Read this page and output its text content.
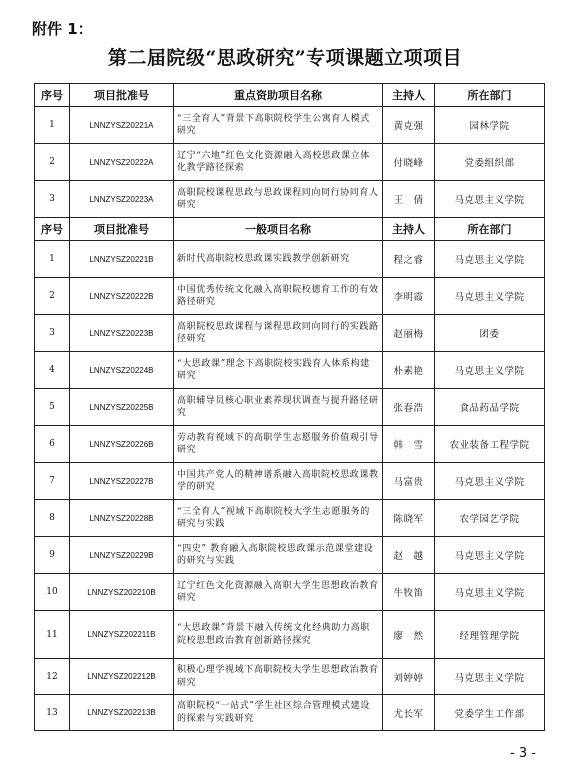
附件 1：
第二届院级“思政研究”专项课题立项项目
序号	项目批准号	重点资助项目名称	主持人	所在部门
1	LNNZYSZ20221A	“三全育人”背景下高职院校学生公寓育人模式研究	黄克强	园林学院
2	LNNZYSZ20222A	辽宁“六地”红色文化资源融入高校思政课立体化教学路径探索	付晓峰	党委组织部
3	LNNZYSZ20223A	高职院校课程思政与思政课程同向同行协同育人研究	王　倩	马克思主义学院
序号	项目批准号	一般项目名称	主持人	所在部门
1	LNNZYSZ20221B	新时代高职院校思政课实践教学创新研究	程之睿	马克思主义学院
2	LNNZYSZ20222B	中国优秀传统文化融入高职院校德育工作的有效路径研究	李明霞	马克思主义学院
3	LNNZYSZ20223B	高职院校思政课程与课程思政同向同行的实践路径研究	赵丽梅	团委
4	LNNZYSZ20224B	“大思政课”理念下高职院校实践育人体系构建研究	朴素艳	马克思主义学院
5	LNNZYSZ20225B	高职辅导员核心职业素养现状调查与提升路径研究	张春浩	食品药品学院
6	LNNZYSZ20226B	劳动教育视域下的高职学生志愿服务价值观引导研究	韩　雪	农业装备工程学院
7	LNNZYSZ20227B	中国共产党人的精神谱系融入高职院校思政课教学的研究	马富贵	马克思主义学院
8	LNNZYSZ20228B	“三全育人”视域下高职院校大学生志愿服务的研究与实践	陈晓军	农学园艺学院
9	LNNZYSZ20229B	“四史” 教育融入高职院校思政课示范课堂建设的研究与实践	赵　越	马克思主义学院
10	LNNZYSZ202210B	辽宁红色文化资源融入高职大学生思想政治教育研究	牛牧笛	马克思主义学院
11	LNNZYSZ202211B	“大思政课”背景下融入传统文化经典助力高职院校思想政治教育创新路径探究	廖　然	经理管理学院
12	LNNZYSZ202212B	积极心理学视域下高职院校大学生思想政治教育研究	刘婷婷	马克思主义学院
13	LNNZYSZ202213B	高职院校“一站式”学生社区综合管理模式建设的探索与实践研究	尤长军	党委学生工作部
- 3 -
